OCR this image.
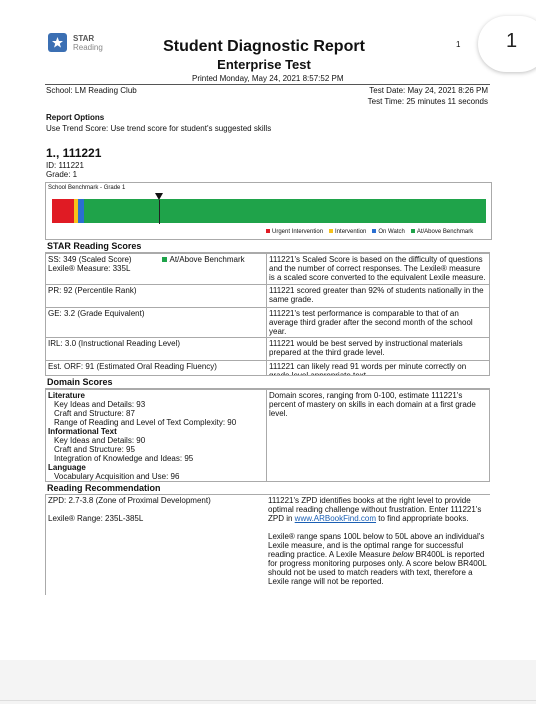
STAR
Reading	Student Diagnostic Report
Enterprise Test
1
Printed Monday, May 24, 2021 8:57:52 PM
School: LM Reading Club	Test Date: May 24, 2021 8:26 PM
Test Time: 25 minutes 11 seconds
Report Options
Use Trend Score: Use trend score for student's suggested skills
1., 111221
ID: 111221
Grade: 1
School Benchmark - Grade 1
Urgent Intervention	Intervention	On Watch	At/Above Benchmark
STAR Reading Scores
SS: 349 (Scaled Score) At/Above Benchmark

Lexile® Measure: 335L	111221's Scaled Score is based on the difficulty of questions and the number of correct responses. The Lexile® measure is a scaled score converted to the equivalent Lexile measure.
PR: 92 (Percentile Rank)	111221 scored greater than 92% of students nationally in the same grade.
GE: 3.2 (Grade Equivalent)	111221's test performance is comparable to that of an average third grader after the second month of the school year.
IRL: 3.0 (Instructional Reading Level)	111221 would be best served by instructional materials prepared at the third grade level.
Est. ORF: 91 (Estimated Oral Reading Fluency)	111221 can likely read 91 words per minute correctly on
Domain Scores
Literature
Key Ideas and Details: 93
Craft and Structure: 87
Range of Reading and Level of Text Complexity: 90
Informational Text
Key Ideas and Details: 90
Craft and Structure: 95
Integration of Knowledge and Ideas: 95
Language
Vocabulary Acquisition and Use: 96
	Domain scores, ranging from 0-100, estimate 111221's percent of mastery on skills in each domain at a first grade level.
Reading Recommendation
ZPD: 2.7-3.8 (Zone of Proximal Development)

Lexile® Range: 235L-385L	111221's ZPD identifies books at the right level to provide optimal reading challenge without frustration. Enter 111221's ZPD in www.ARBookFind.com to find appropriate books.

Lexile® range spans 100L below to 50L above an individual's Lexile measure, and is the optimal range for successful reading practice. A Lexile Measure below BR400L is reported for progress monitoring purposes only. A score below BR400L should not be used to match readers with text, therefore a Lexile range will not be reported.
1
